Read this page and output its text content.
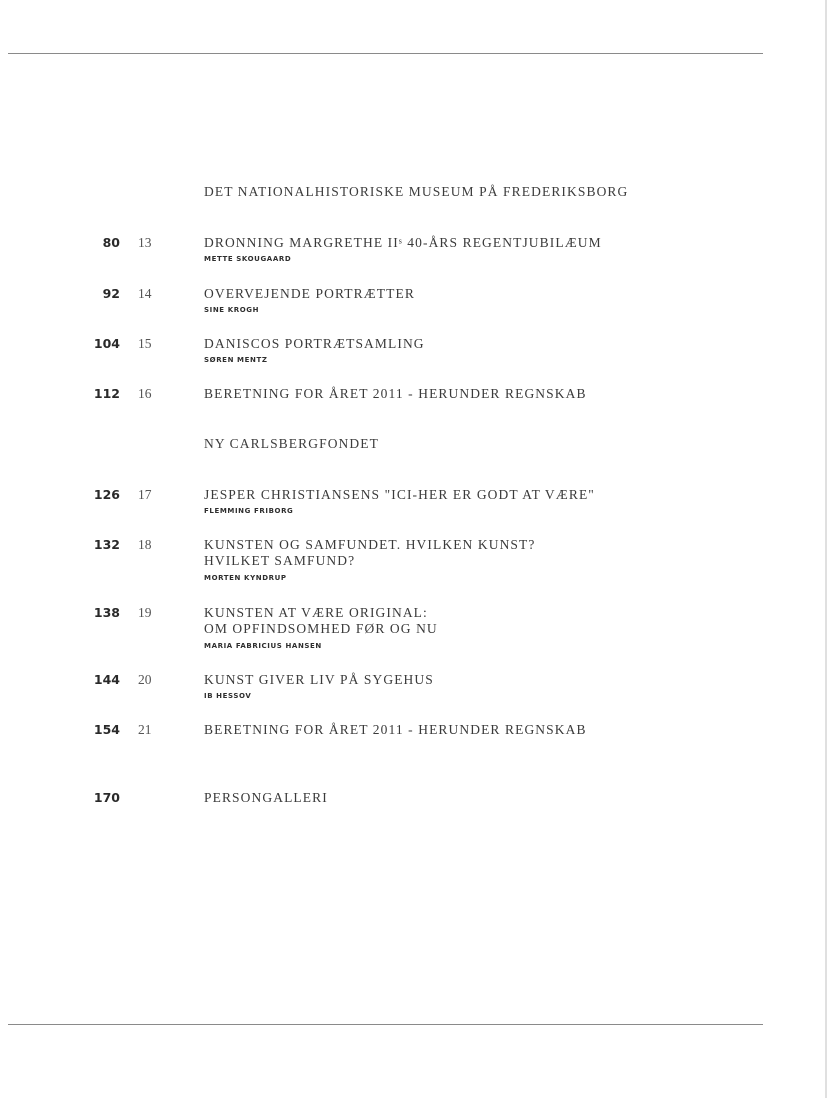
DET NATIONALHISTORISKE MUSEUM PÅ FREDERIKSBORG
80 13	DRONNING MARGRETHE IIˢ 40-ÅRS REGENTJUBILÆUM
METTE SKOUGAARD
92 14	OVERVEJENDE PORTRÆTTER
SINE KROGH
104 15	DANISCOS PORTRÆTSAMLING
SØREN MENTZ
112 16	BERETNING FOR ÅRET 2011 - HERUNDER REGNSKAB
NY CARLSBERGFONDET
126 17	JESPER CHRISTIANSENS "ICI-HER ER GODT AT VÆRE"
FLEMMING FRIBORG
132 18	KUNSTEN OG SAMFUNDET. HVILKEN KUNST?
HVILKET SAMFUND?
MORTEN KYNDRUP
138 19	KUNSTEN AT VÆRE ORIGINAL:
OM OPFINDSOMHED FØR OG NU
MARIA FABRICIUS HANSEN
144 20	KUNST GIVER LIV PÅ SYGEHUS
IB HESSOV
154 21	BERETNING FOR ÅRET 2011 - HERUNDER REGNSKAB
170	PERSONGALLERI
